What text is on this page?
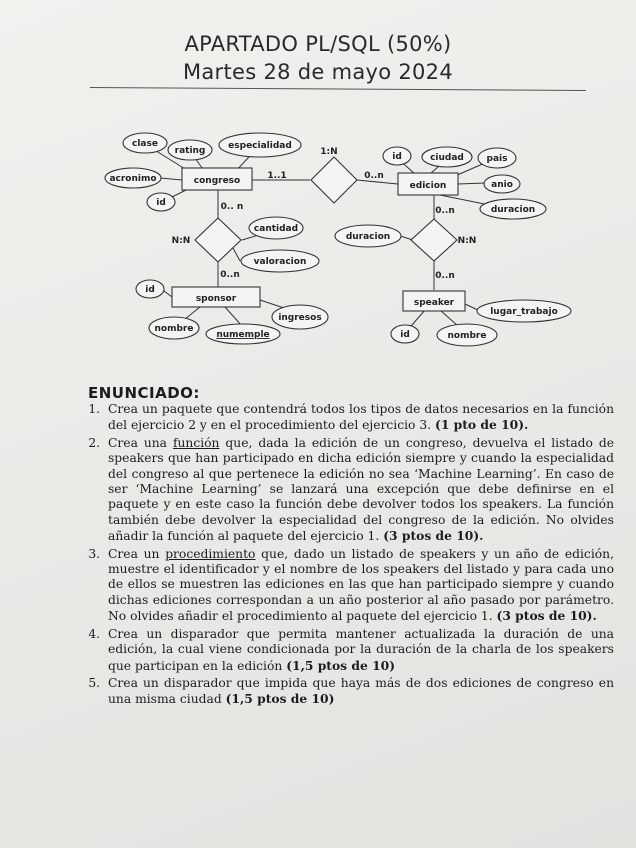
APARTADO PL/SQL (50%)
Martes 28 de mayo 2024
congreso	edicion
sponsor	speaker
clase
rating	especialidad
acronimo
id
id	ciudad	pais
anio
duracion
cantidad
valoracion
duracion
id
nombre
numemple
ingresos
lugar_trabajo
id	nombre
1:N
1..1	0..n
0.. n
N:N
0..n
0..n
N:N
0..n
ENUNCIADO:
1. Crea un paquete que contendrá todos los tipos de datos necesarios en la función del ejercicio 2 y en el procedimiento del ejercicio 3. (1 pto de 10).
2. Crea una función que, dada la edición de un congreso, devuelva el listado de speakers que han participado en dicha edición siempre y cuando la especialidad del congreso al que pertenece la edición no sea ‘Machine Learning’. En caso de ser ‘Machine Learning’ se lanzará una excepción que debe definirse en el paquete y en este caso la función debe devolver todos los speakers. La función también debe devolver la especialidad del congreso de la edición. No olvides añadir la función al paquete del ejercicio 1. (3 ptos de 10).
3. Crea un procedimiento que, dado un listado de speakers y un año de edición, muestre el identificador y el nombre de los speakers del listado y para cada uno de ellos se muestren las ediciones en las que han participado siempre y cuando dichas ediciones correspondan a un año posterior al año pasado por parámetro. No olvides añadir el procedimiento al paquete del ejercicio 1. (3 ptos de 10).
4. Crea un disparador que permita mantener actualizada la duración de una edición, la cual viene condicionada por la duración de la charla de los speakers que participan en la edición (1,5 ptos de 10)
5. Crea un disparador que impida que haya más de dos ediciones de congreso en una misma ciudad (1,5 ptos de 10)
